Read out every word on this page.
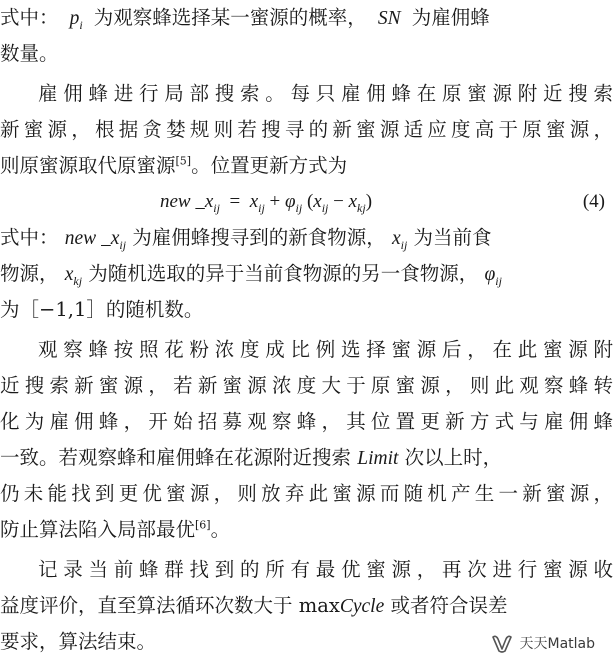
式中：  $p_i$ 为观察蜂选择某一蜜源的概率，  SN  为雇佣蜂
数量。
雇佣蜂进行局部搜索。每只雇佣蜂在原蜜源附近搜索
新蜜源，根据贪婪规则若搜寻的新蜜源适应度高于原蜜源，
则原蜜源取代原蜜源[5]。位置更新方式为
new $x_{ij} = x_{ij} + \varphi_{ij}$ $(x_{ij} - x_{kj})$	(4)
式中： new   $x_{ij}$ 为雇佣蜂搜寻到的新食物源， $x_{ij}$ 为当前食
物源， $x_{kj}$ 为随机选取的异于当前食物源的另一食物源， $\varphi_{ij}$
为［−1,1］的随机数。
观察蜂按照花粉浓度成比例选择蜜源后，在此蜜源附
近搜索新蜜源，若新蜜源浓度大于原蜜源，则此观察蜂转
化为雇佣蜂，开始招募观察蜂，其位置更新方式与雇佣蜂
一致。若观察蜂和雇佣蜂在花源附近搜索 Limit 次以上时，
仍未能找到更优蜜源，则放弃此蜜源而随机产生一新蜜源，
防止算法陷入局部最优[6]。
记录当前蜂群找到的所有最优蜜源，再次进行蜜源收
益度评价，直至算法循环次数大于 maxCycle 或者符合误差
要求，算法结束。	天天Matlab
